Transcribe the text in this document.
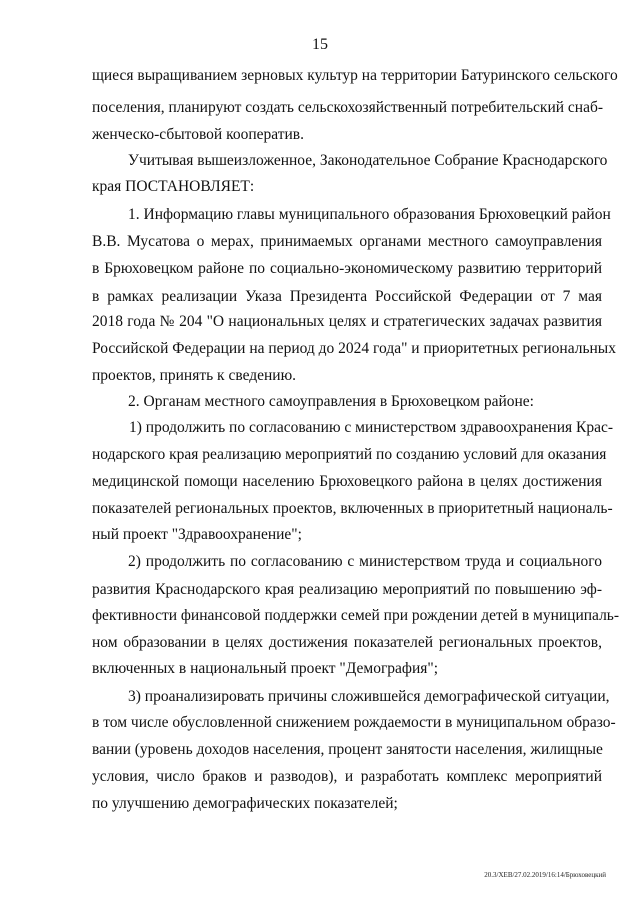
15
щиеся выращиванием зерновых культур на территории Батуринского сельского
поселения, планируют создать сельскохозяйственный потребительский снаб-
женческо-сбытовой кооператив.
Учитывая вышеизложенное, Законодательное Собрание Краснодарского
края ПОСТАНОВЛЯЕТ:
1. Информацию главы муниципального образования Брюховецкий район
В.В. Мусатова о мерах, принимаемых органами местного самоуправления
в Брюховецком районе по социально-экономическому развитию территорий
в рамках реализации Указа Президента Российской Федерации от 7 мая
2018 года № 204 "О национальных целях и стратегических задачах развития
Российской Федерации на период до 2024 года" и приоритетных региональных
проектов, принять к сведению.
2. Органам местного самоуправления в Брюховецком районе:
1) продолжить по согласованию с министерством здравоохранения Крас-
нодарского края реализацию мероприятий по созданию условий для оказания
медицинской помощи населению Брюховецкого района в целях достижения
показателей региональных проектов, включенных в приоритетный националь-
ный проект "Здравоохранение";
2) продолжить по согласованию с министерством труда и социального
развития Краснодарского края реализацию мероприятий по повышению эф-
фективности финансовой поддержки семей при рождении детей в муниципаль-
ном образовании в целях достижения показателей региональных проектов,
включенных в национальный проект "Демография";
3) проанализировать причины сложившейся демографической ситуации,
в том числе обусловленной снижением рождаемости в муниципальном образо-
вании (уровень доходов населения, процент занятости населения, жилищные
условия, число браков и разводов), и разработать комплекс мероприятий
по улучшению демографических показателей;
20.3/ХЕВ/27.02.2019/16:14/Брюховецкий
